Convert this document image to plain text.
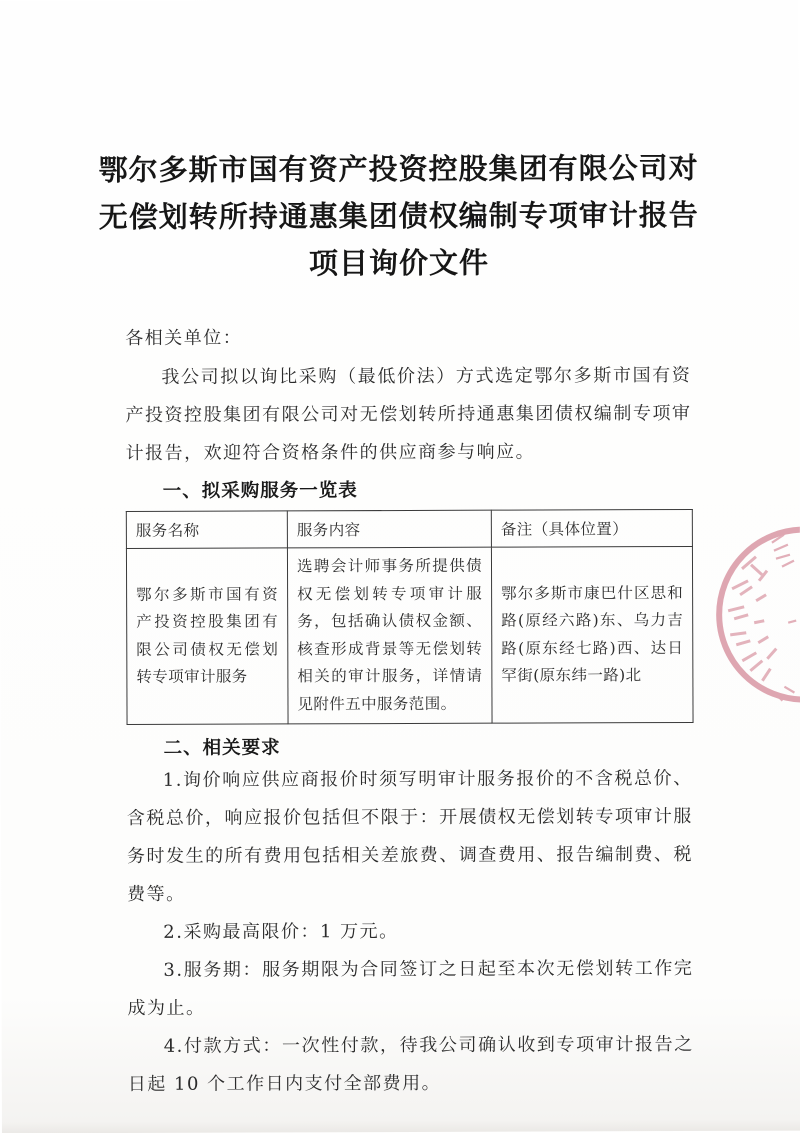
鄂尔多斯市国有资产投资控股集团有限公司对
无偿划转所持通惠集团债权编制专项审计报告
项目询价文件
各相关单位：

我公司拟以询比采购（最低价法）方式选定鄂尔多斯市国有资产投资控股集团有限公司对无偿划转所持通惠集团债权编制专项审计报告，欢迎符合资格条件的供应商参与响应。

一、拟采购服务一览表
服务名称	服务内容	备注（具体位置）
鄂尔多斯市国有资产投资控股集团有限公司债权无偿划转专项审计服务	选聘会计师事务所提供债权无偿划转专项审计服务，包括确认债权金额、核查形成背景等无偿划转相关的审计服务，详情请见附件五中服务范围。	鄂尔多斯市康巴什区思和路(原经六路)东、乌力吉路(原东经七路)西、达日罕街(原东纬一路)北
二、相关要求

1.询价响应供应商报价时须写明审计服务报价的不含税总价、含税总价，响应报价包括但不限于：开展债权无偿划转专项审计服务时发生的所有费用包括相关差旅费、调查费用、报告编制费、税费等。

2.采购最高限价：1 万元。

3.服务期：服务期限为合同签订之日起至本次无偿划转工作完成为止。

4.付款方式：一次性付款，待我公司确认收到专项审计报告之日起 10 个工作日内支付全部费用。
